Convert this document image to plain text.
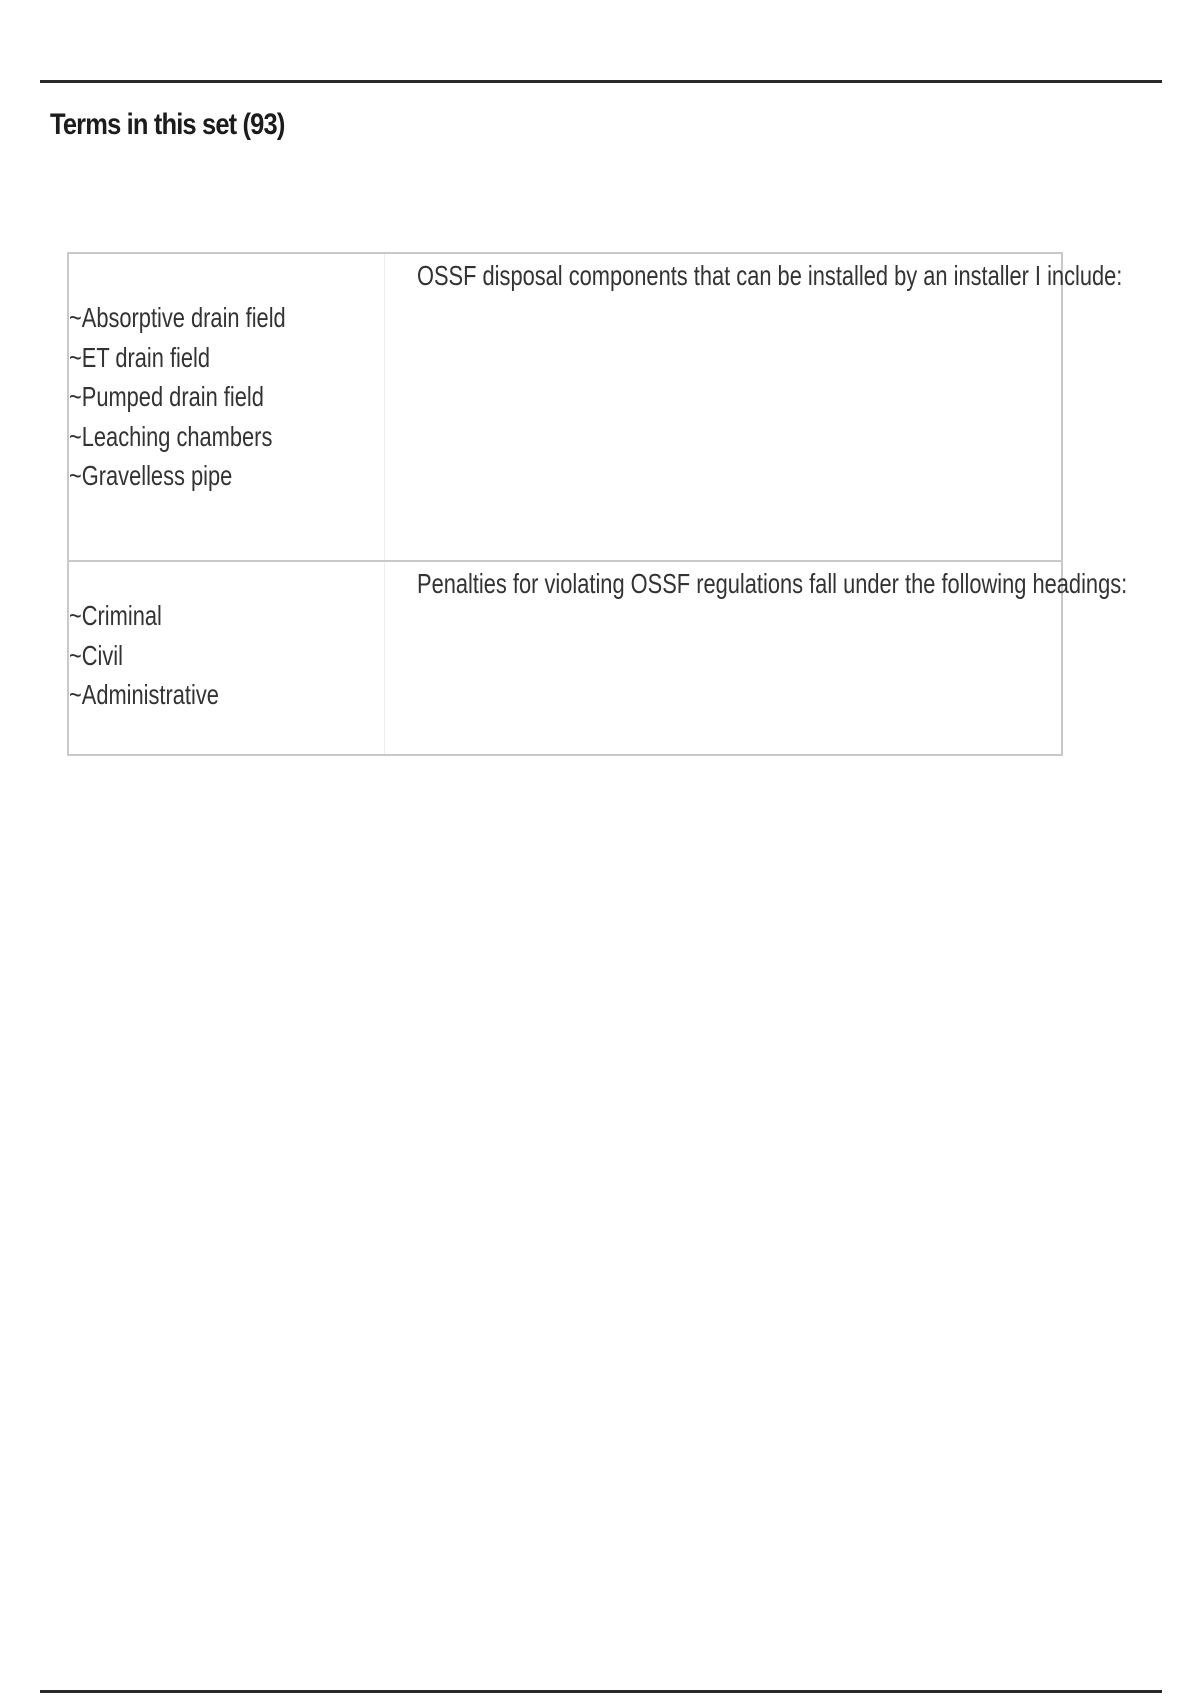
Terms in this set (93)
~Absorptive drain field
~ET drain field
~Pumped drain field
~Leaching chambers
~Gravelless pipe

OSSF disposal components that can be installed by an installer I include:

~Criminal
~Civil
~Administrative

Penalties for violating OSSF regulations fall under the following headings:
